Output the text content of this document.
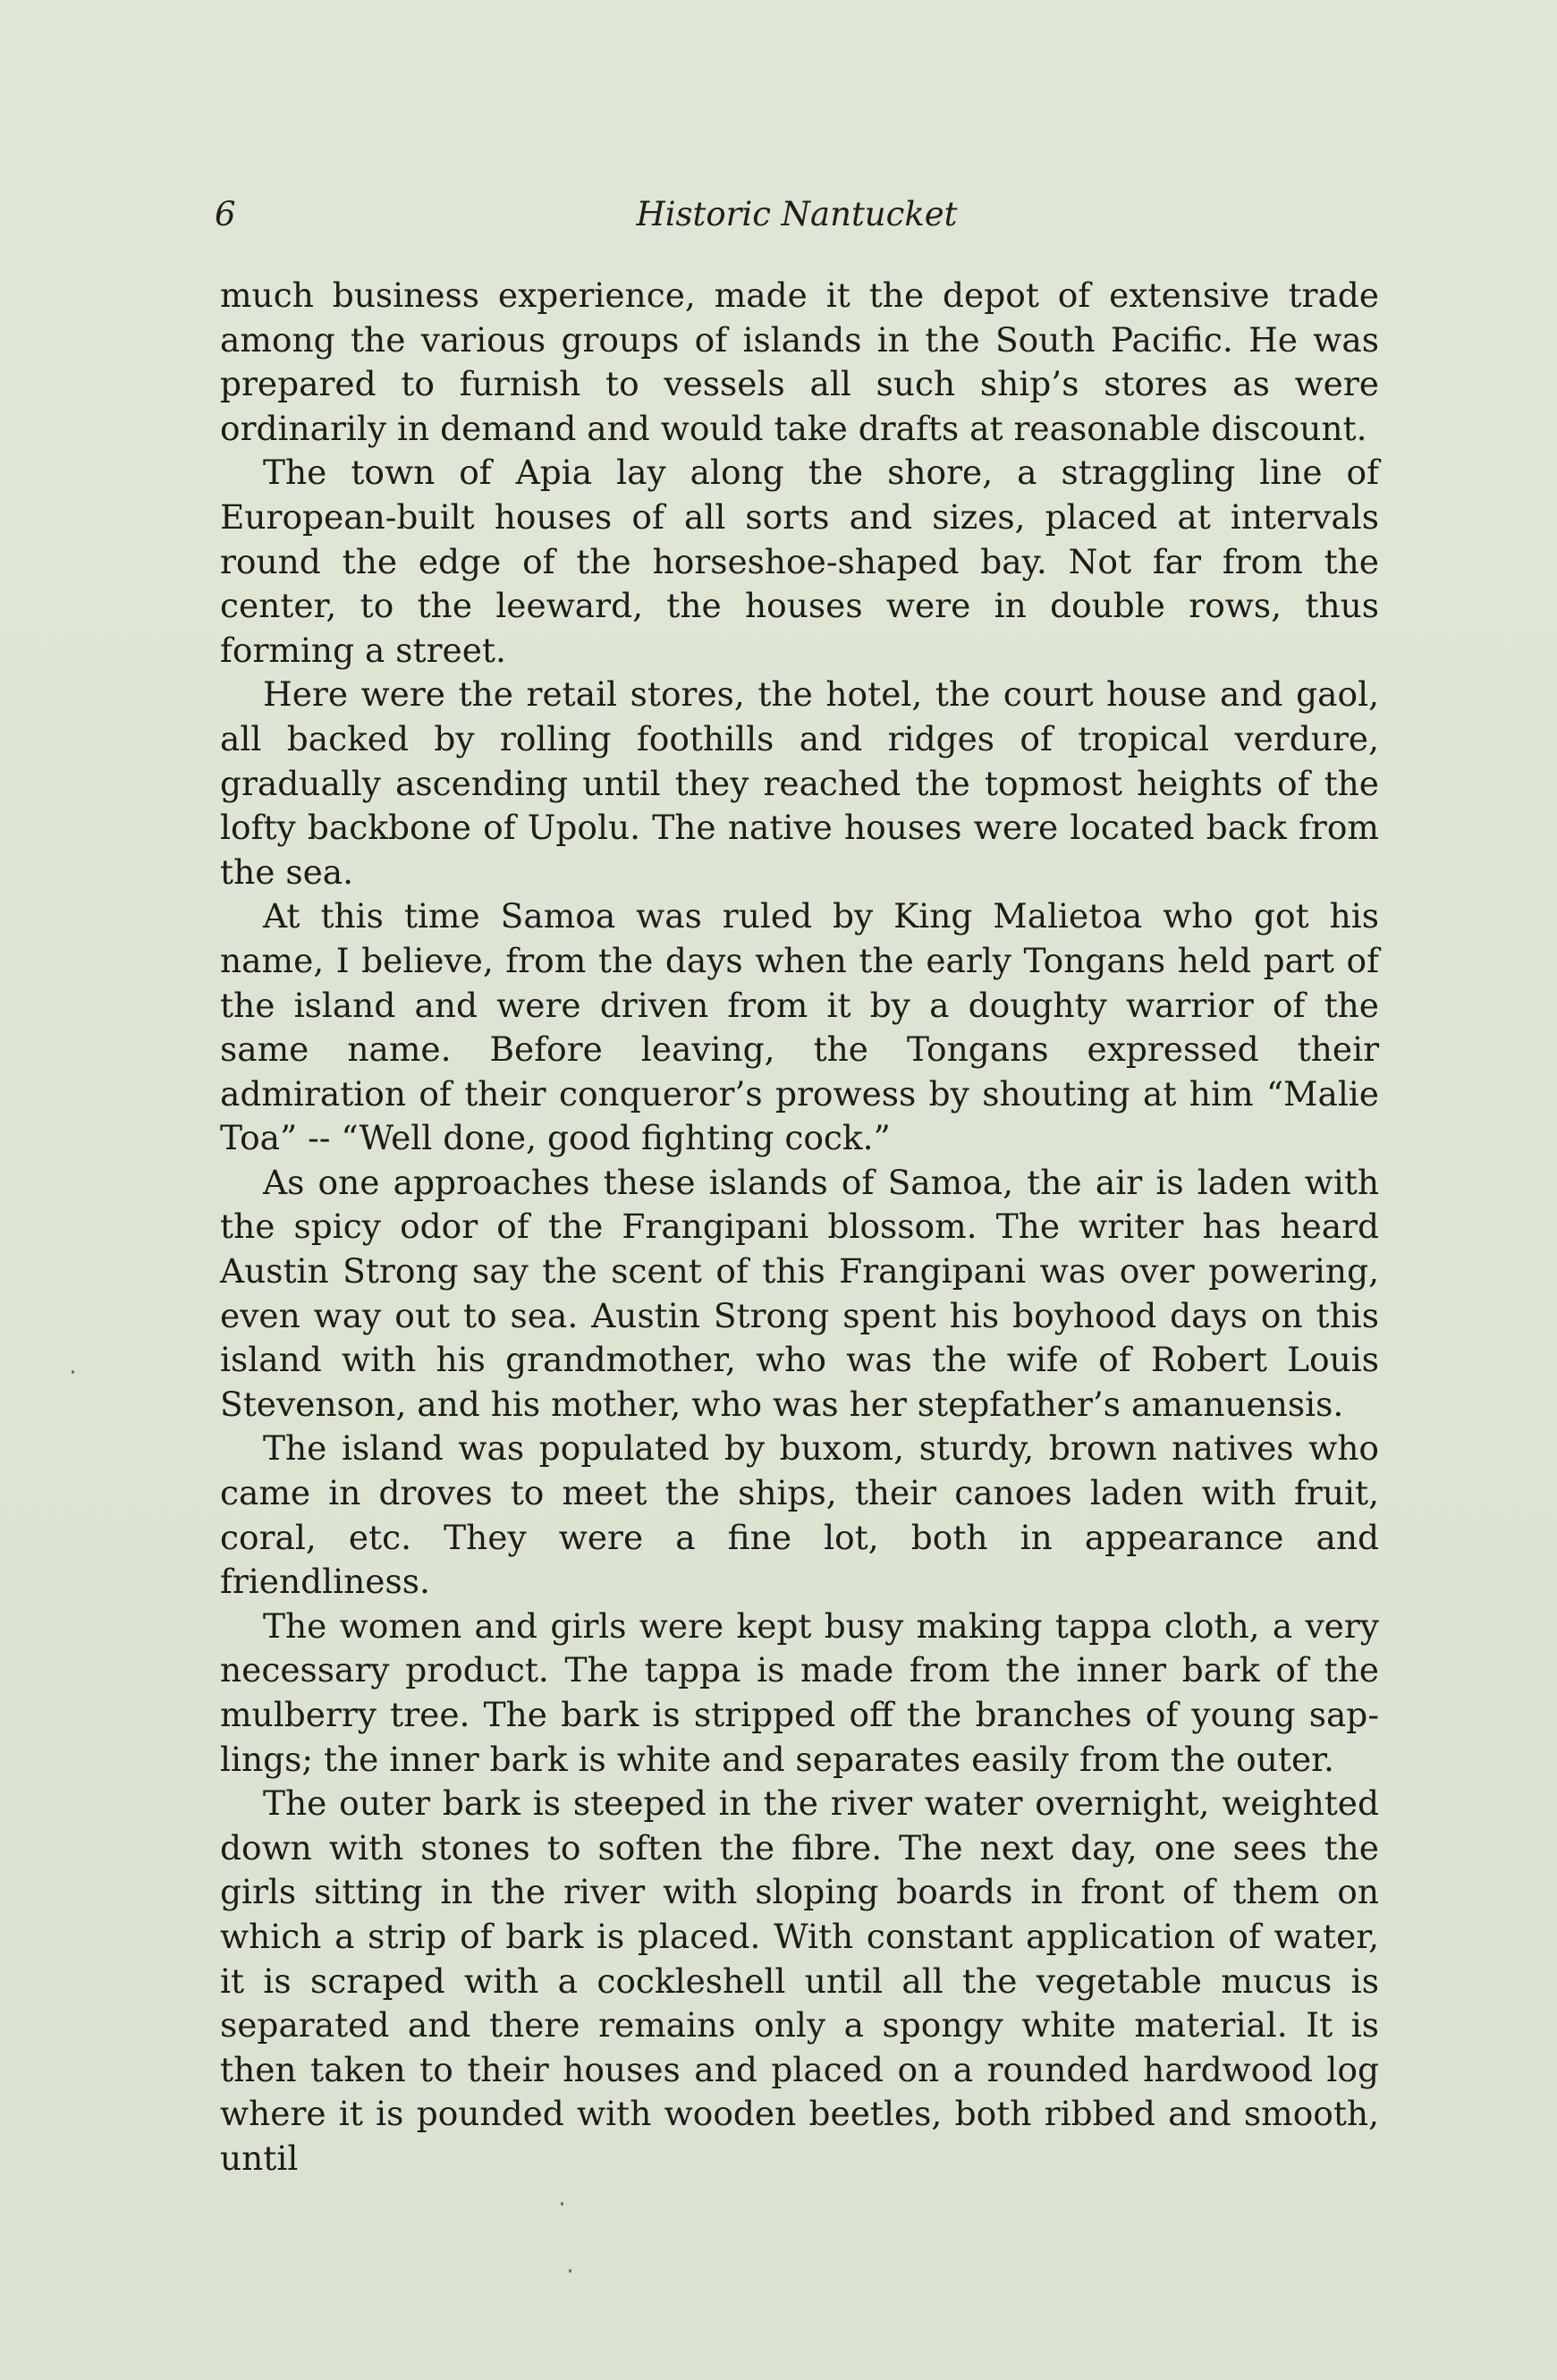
6	Historic Nantucket

much business experience, made it the depot of extensive trade among the various groups of islands in the South Pacific. He was prepared to furnish to vessels all such ship’s stores as were ordinarily in demand and would take drafts at reasonable discount.

The town of Apia lay along the shore, a straggling line of European-built houses of all sorts and sizes, placed at intervals round the edge of the horseshoe-shaped bay. Not far from the center, to the leeward, the houses were in double rows, thus forming a street.

Here were the retail stores, the hotel, the court house and gaol, all backed by rolling foothills and ridges of tropical verdure, gradually ascending until they reached the topmost heights of the lofty backbone of Upolu. The native houses were located back from the sea.

At this time Samoa was ruled by King Malietoa who got his name, I believe, from the days when the early Tongans held part of the island and were driven from it by a doughty warrior of the same name. Before leaving, the Tongans expressed their admiration of their conqueror’s prowess by shouting at him “Malie Toa” -- “Well done, good fighting cock.”

As one approaches these islands of Samoa, the air is laden with the spicy odor of the Frangipani blossom. The writer has heard Austin Strong say the scent of this Frangipani was over powering, even way out to sea. Austin Strong spent his boyhood days on this island with his grandmother, who was the wife of Robert Louis Stevenson, and his mother, who was her stepfather’s amanuensis.

The island was populated by buxom, sturdy, brown natives who came in droves to meet the ships, their canoes laden with fruit, coral, etc. They were a fine lot, both in appearance and friendliness.

The women and girls were kept busy making tappa cloth, a very necessary product. The tappa is made from the inner bark of the mulberry tree. The bark is stripped off the branches of young sap-lings; the inner bark is white and separates easily from the outer.

The outer bark is steeped in the river water overnight, weighted down with stones to soften the fibre. The next day, one sees the girls sitting in the river with sloping boards in front of them on which a strip of bark is placed. With constant application of water, it is scraped with a cockleshell until all the vegetable mucus is separated and there remains only a spongy white material. It is then taken to their houses and placed on a rounded hardwood log where it is pounded with wooden beetles, both ribbed and smooth, until
